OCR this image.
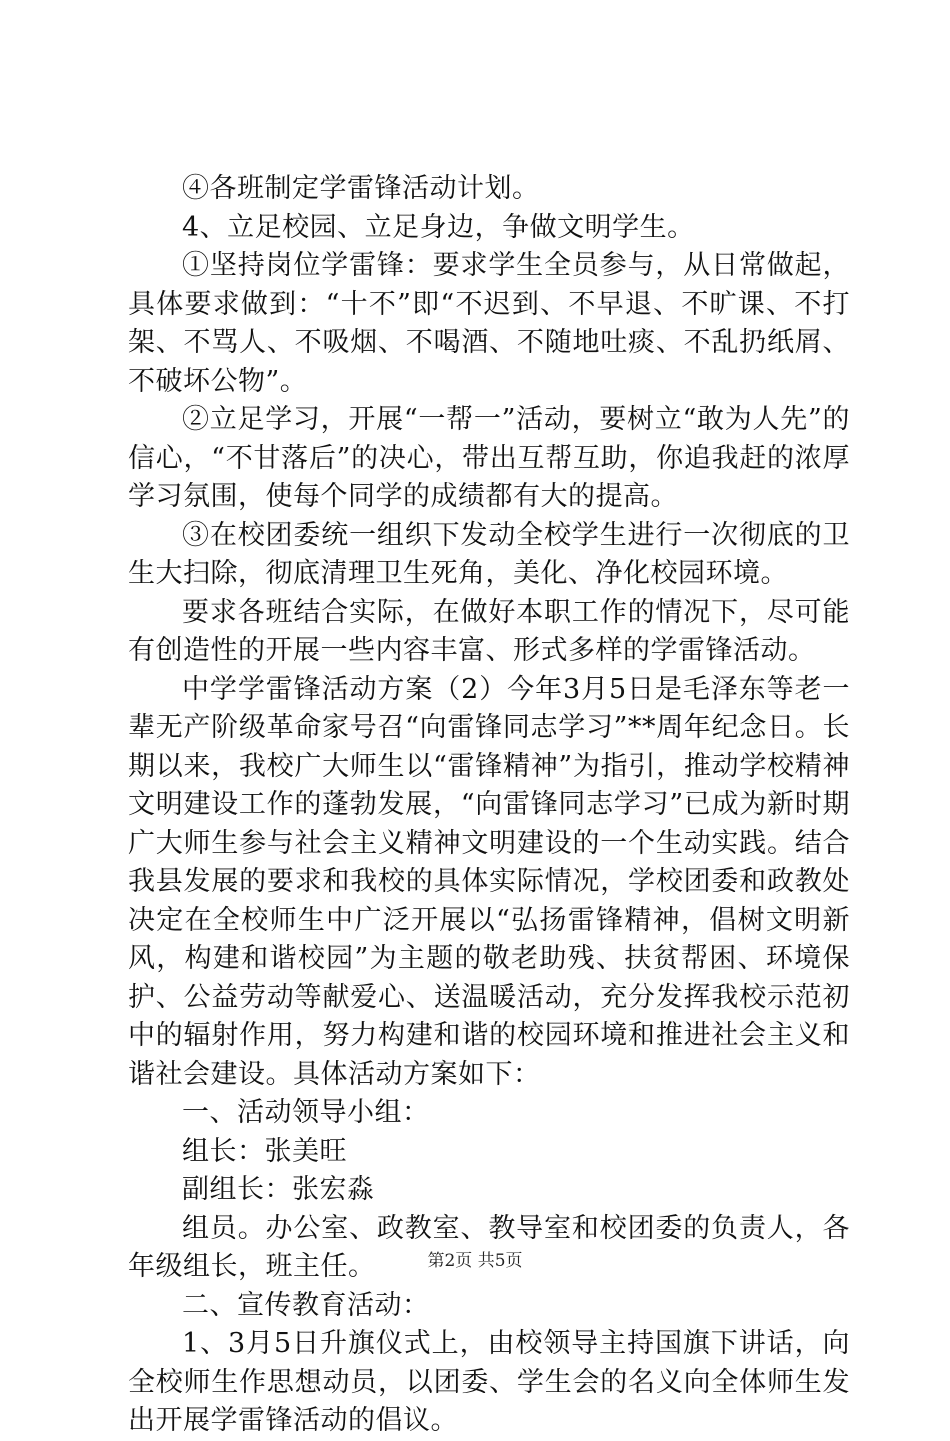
④各班制定学雷锋活动计划。

4、立足校园、立足身边，争做文明学生。

①坚持岗位学雷锋：要求学生全员参与，从日常做起，具体要求做到：“十不”即“不迟到、不早退、不旷课、不打架、不骂人、不吸烟、不喝酒、不随地吐痰、不乱扔纸屑、不破坏公物”。

②立足学习，开展“一帮一”活动，要树立“敢为人先”的信心，“不甘落后”的决心，带出互帮互助，你追我赶的浓厚学习氛围，使每个同学的成绩都有大的提高。

③在校团委统一组织下发动全校学生进行一次彻底的卫生大扫除，彻底清理卫生死角，美化、净化校园环境。

要求各班结合实际，在做好本职工作的情况下，尽可能有创造性的开展一些内容丰富、形式多样的学雷锋活动。

中学学雷锋活动方案（2）今年3月5日是毛泽东等老一辈无产阶级革命家号召“向雷锋同志学习”**周年纪念日。长期以来，我校广大师生以“雷锋精神”为指引，推动学校精神文明建设工作的蓬勃发展，“向雷锋同志学习”已成为新时期广大师生参与社会主义精神文明建设的一个生动实践。结合我县发展的要求和我校的具体实际情况，学校团委和政教处决定在全校师生中广泛开展以“弘扬雷锋精神，倡树文明新风，构建和谐校园”为主题的敬老助残、扶贫帮困、环境保护、公益劳动等献爱心、送温暖活动，充分发挥我校示范初中的辐射作用，努力构建和谐的校园环境和推进社会主义和谐社会建设。具体活动方案如下：

一、活动领导小组：

组长：张美旺

副组长：张宏淼

组员。办公室、政教室、教导室和校团委的负责人，各年级组长，班主任。

二、宣传教育活动：

1、3月5日升旗仪式上，由校领导主持国旗下讲话，向全校师生作思想动员，以团委、学生会的名义向全体师生发出开展学雷锋活动的倡议。

第2页 共5页
